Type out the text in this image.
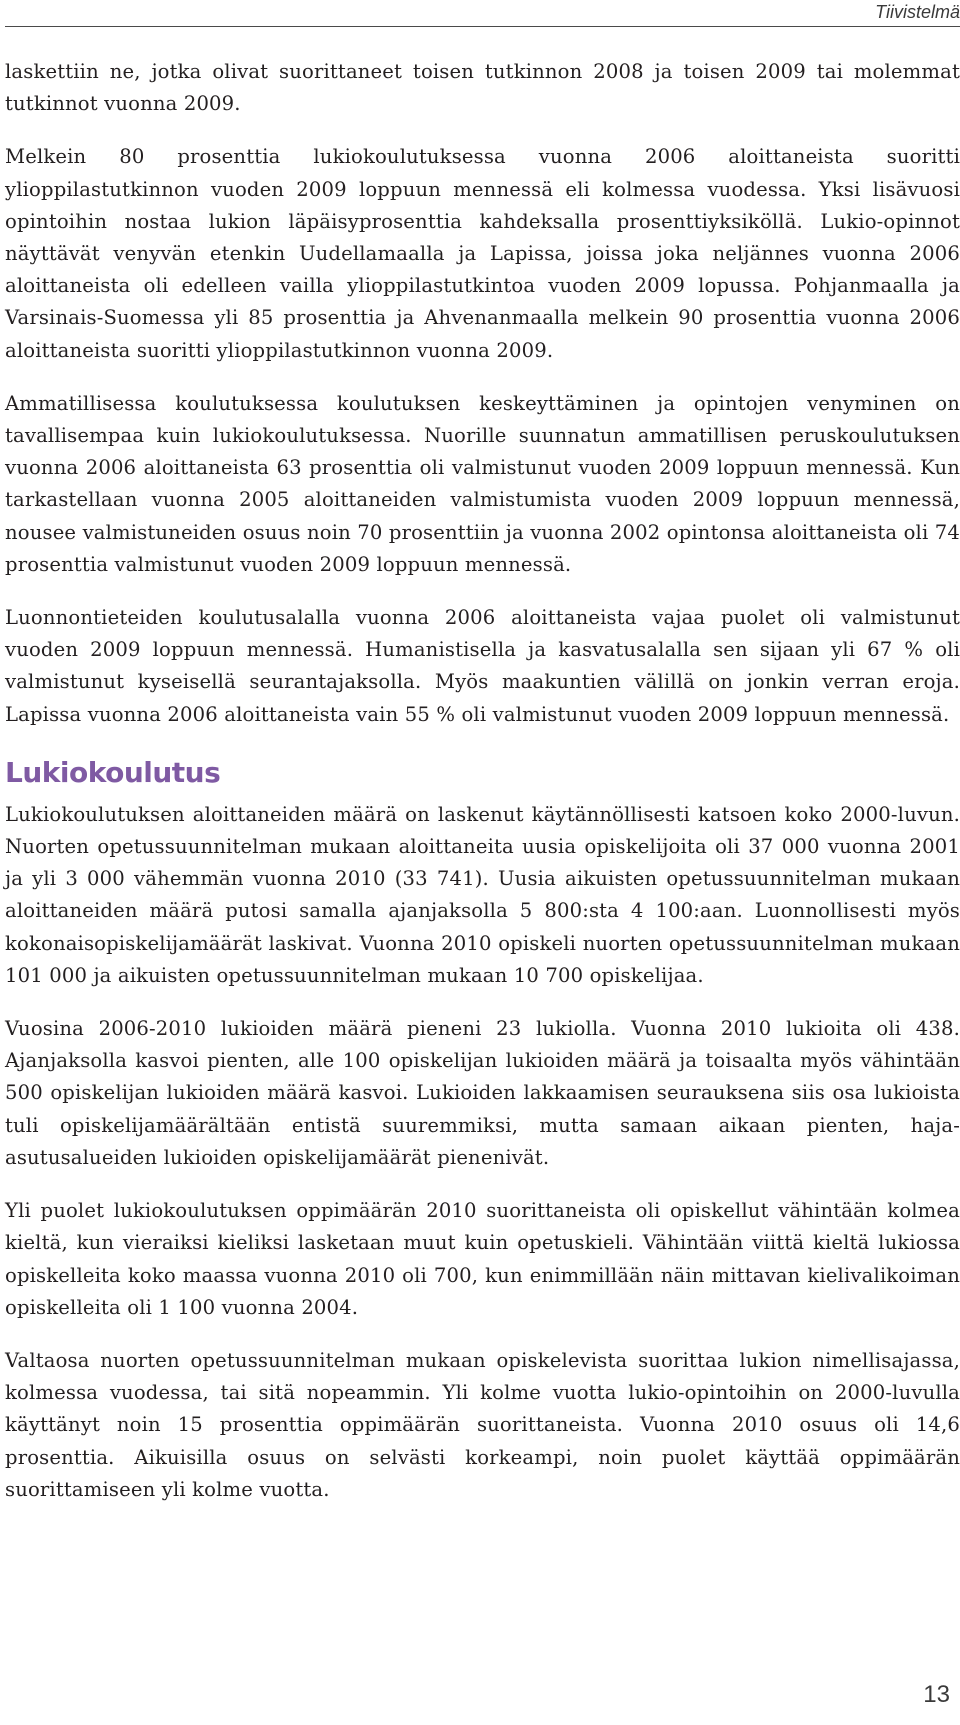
Tiivistelmä

laskettiin ne, jotka olivat suorittaneet toisen tutkinnon 2008 ja toisen 2009 tai molemmat tutkinnot vuonna 2009.

Melkein 80 prosenttia lukiokoulutuksessa vuonna 2006 aloittaneista suoritti ylioppilastutkinnon vuoden 2009 loppuun mennessä eli kolmessa vuodessa. Yksi lisävuosi opintoihin nostaa lukion läpäisyprosenttia kahdeksalla prosenttiyksiköllä. Lukio-opinnot näyttävät venyvän etenkin Uudellamaalla ja Lapissa, joissa joka neljännes vuonna 2006 aloittaneista oli edelleen vailla ylioppilastutkintoa vuoden 2009 lopussa. Pohjanmaalla ja Varsinais-Suomessa yli 85 prosenttia ja Ahvenanmaalla melkein 90 prosenttia vuonna 2006 aloittaneista suoritti ylioppilastutkinnon vuonna 2009.

Ammatillisessa koulutuksessa koulutuksen keskeyttäminen ja opintojen venyminen on tavallisempaa kuin lukiokoulutuksessa. Nuorille suunnatun ammatillisen peruskoulutuksen vuonna 2006 aloittaneista 63 prosenttia oli valmistunut vuoden 2009 loppuun mennessä. Kun tarkastellaan vuonna 2005 aloittaneiden valmistumista vuoden 2009 loppuun mennessä, nousee valmistuneiden osuus noin 70 prosenttiin ja vuonna 2002 opintonsa aloittaneista oli 74 prosenttia valmistunut vuoden 2009 loppuun mennessä.

Luonnontieteiden koulutusalalla vuonna 2006 aloittaneista vajaa puolet oli valmistunut vuoden 2009 loppuun mennessä. Humanistisella ja kasvatusalalla sen sijaan yli 67 % oli valmistunut kyseisellä seurantajaksolla. Myös maakuntien välillä on jonkin verran eroja. Lapissa vuonna 2006 aloittaneista vain 55 % oli valmistunut vuoden 2009 loppuun mennessä.

Lukiokoulutus

Lukiokoulutuksen aloittaneiden määrä on laskenut käytännöllisesti katsoen koko 2000-luvun. Nuorten opetussuunnitelman mukaan aloittaneita uusia opiskelijoita oli 37 000 vuonna 2001 ja yli 3 000 vähemmän vuonna 2010 (33 741). Uusia aikuisten opetussuunnitelman mukaan aloittaneiden määrä putosi samalla ajanjaksolla 5 800:sta 4 100:aan. Luonnollisesti myös kokonaisopiskelijamäärät laskivat. Vuonna 2010 opiskeli nuorten opetussuunnitelman mukaan 101 000 ja aikuisten opetussuunnitelman mukaan 10 700 opiskelijaa.

Vuosina 2006-2010 lukioiden määrä pieneni 23 lukiolla. Vuonna 2010 lukioita oli 438. Ajanjaksolla kasvoi pienten, alle 100 opiskelijan lukioiden määrä ja toisaalta myös vähintään 500 opiskelijan lukioiden määrä kasvoi. Lukioiden lakkaamisen seurauksena siis osa lukioista tuli opiskelijamäärältään entistä suuremmiksi, mutta samaan aikaan pienten, haja-asutusalueiden lukioiden opiskelijamäärät pienenivät.

Yli puolet lukiokoulutuksen oppimäärän 2010 suorittaneista oli opiskellut vähintään kolmea kieltä, kun vieraiksi kieliksi lasketaan muut kuin opetuskieli. Vähintään viittä kieltä lukiossa opiskelleita koko maassa vuonna 2010 oli 700, kun enimmillään näin mittavan kielivalikoiman opiskelleita oli 1 100 vuonna 2004.

Valtaosa nuorten opetussuunnitelman mukaan opiskelevista suorittaa lukion nimellisajassa, kolmessa vuodessa, tai sitä nopeammin. Yli kolme vuotta lukio-opintoihin on 2000-luvulla käyttänyt noin 15 prosenttia oppimäärän suorittaneista. Vuonna 2010 osuus oli 14,6 prosenttia. Aikuisilla osuus on selvästi korkeampi, noin puolet käyttää oppimäärän suorittamiseen yli kolme vuotta.

13
